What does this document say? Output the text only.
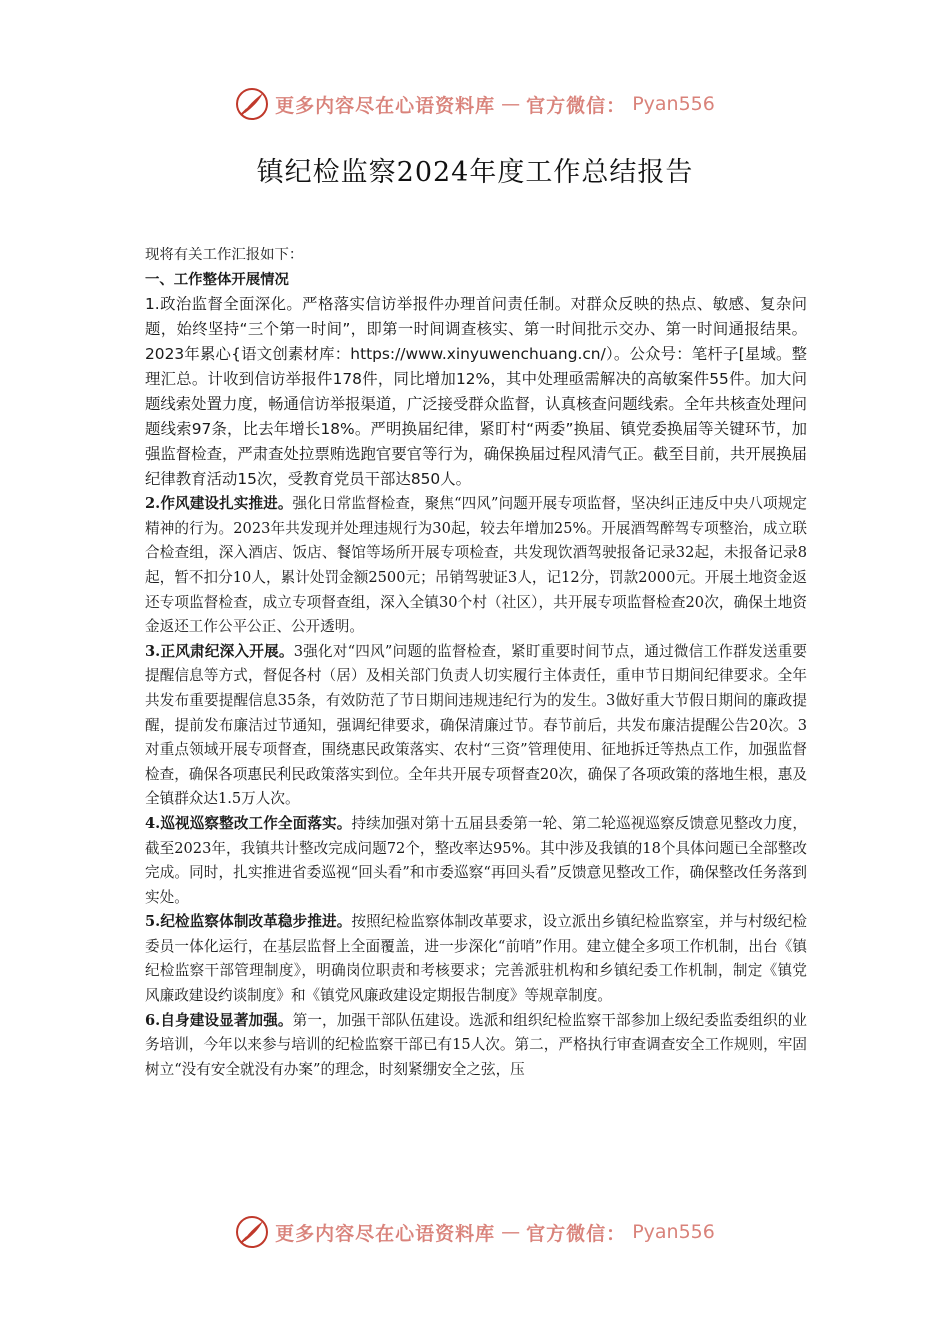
更多内容尽在心语资料库 — 官方微信： Pyan556
镇纪检监察2024年度工作总结报告

现将有关工作汇报如下：

一、工作整体开展情况

1.政治监督全面深化。严格落实信访举报件办理首问责任制。对群众反映的热点、敏感、复杂问题，始终坚持“三个第一时间”，即第一时间调查核实、第一时间批示交办、第一时间通报结果。2023年累心{语文创素材库：https://www.xinyuwenchuang.cn/）。公众号：笔杆子[星域。整理汇总。计收到信访举报件178件，同比增加12%，其中处理亟需解决的高敏案件55件。加大问题线索处置力度，畅通信访举报渠道，广泛接受群众监督，认真核查问题线索。全年共核查处理问题线索97条，比去年增长18%。严明换届纪律，紧盯村“两委”换届、镇党委换届等关键环节，加强监督检查，严肃查处拉票贿选跑官要官等行为，确保换届过程风清气正。截至目前，共开展换届纪律教育活动15次，受教育党员干部达850人。

2.作风建设扎实推进。强化日常监督检查，聚焦“四风”问题开展专项监督，坚决纠正违反中央八项规定精神的行为。2023年共发现并处理违规行为30起，较去年增加25%。开展酒驾醉驾专项整治，成立联合检查组，深入酒店、饭店、餐馆等场所开展专项检查，共发现饮酒驾驶报备记录32起，未报备记录8起，暂不扣分10人，累计处罚金额2500元；吊销驾驶证3人，记12分，罚款2000元。开展土地资金返还专项监督检查，成立专项督查组，深入全镇30个村（社区），共开展专项监督检查20次，确保土地资金返还工作公平公正、公开透明。

3.正风肃纪深入开展。3强化对“四风”问题的监督检查，紧盯重要时间节点，通过微信工作群发送重要提醒信息等方式，督促各村（居）及相关部门负责人切实履行主体责任，重申节日期间纪律要求。全年共发布重要提醒信息35条，有效防范了节日期间违规违纪行为的发生。3做好重大节假日期间的廉政提醒，提前发布廉洁过节通知，强调纪律要求，确保清廉过节。春节前后，共发布廉洁提醒公告20次。3对重点领域开展专项督查，围绕惠民政策落实、农村“三资”管理使用、征地拆迁等热点工作，加强监督检查，确保各项惠民利民政策落实到位。全年共开展专项督查20次，确保了各项政策的落地生根，惠及全镇群众达1.5万人次。

4.巡视巡察整改工作全面落实。持续加强对第十五届县委第一轮、第二轮巡视巡察反馈意见整改力度，截至2023年，我镇共计整改完成问题72个，整改率达95%。其中涉及我镇的18个具体问题已全部整改完成。同时，扎实推进省委巡视“回头看”和市委巡察“再回头看”反馈意见整改工作，确保整改任务落到实处。

5.纪检监察体制改革稳步推进。按照纪检监察体制改革要求，设立派出乡镇纪检监察室，并与村级纪检委员一体化运行，在基层监督上全面覆盖，进一步深化“前哨”作用。建立健全多项工作机制，出台《镇纪检监察干部管理制度》，明确岗位职责和考核要求；完善派驻机构和乡镇纪委工作机制，制定《镇党风廉政建设约谈制度》和《镇党风廉政建设定期报告制度》等规章制度。

6.自身建设显著加强。第一，加强干部队伍建设。选派和组织纪检监察干部参加上级纪委监委组织的业务培训，今年以来参与培训的纪检监察干部已有15人次。第二，严格执行审查调查安全工作规则，牢固树立“没有安全就没有办案”的理念，时刻紧绷安全之弦，压

更多内容尽在心语资料库 — 官方微信： Pyan556
